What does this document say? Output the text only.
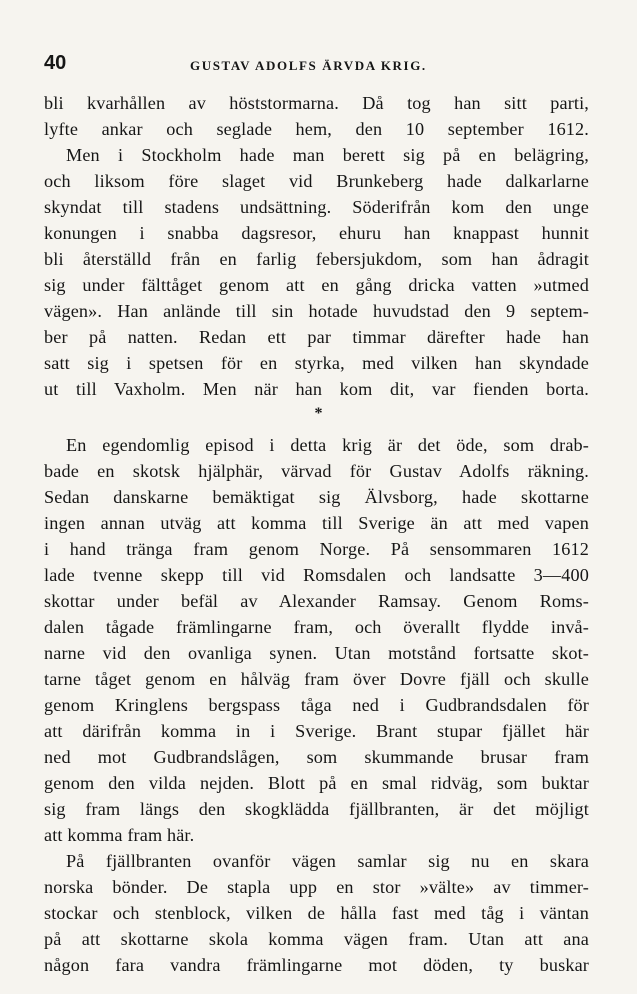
40	GUSTAV ADOLFS ÄRVDA KRIG.
bli kvarhållen av höststormarna. Då tog han sitt parti,
lyfte ankar och seglade hem, den 10 september 1612.
Men i Stockholm hade man berett sig på en belägring,
och liksom före slaget vid Brunkeberg hade dalkarlarne
skyndat till stadens undsättning. Söderifrån kom den unge
konungen i snabba dagsresor, ehuru han knappast hunnit
bli återställd från en farlig febersjukdom, som han ådragit
sig under fälttåget genom att en gång dricka vatten »utmed
vägen». Han anlände till sin hotade huvudstad den 9 septem-
ber på natten. Redan ett par timmar därefter hade han
satt sig i spetsen för en styrka, med vilken han skyndade
ut till Vaxholm. Men när han kom dit, var fienden borta.
*
En egendomlig episod i detta krig är det öde, som drab-
bade en skotsk hjälphär, värvad för Gustav Adolfs räkning.
Sedan danskarne bemäktigat sig Älvsborg, hade skottarne
ingen annan utväg att komma till Sverige än att med vapen
i hand tränga fram genom Norge. På sensommaren 1612
lade tvenne skepp till vid Romsdalen och landsatte 3—400
skottar under befäl av Alexander Ramsay. Genom Roms-
dalen tågade främlingarne fram, och överallt flydde invå-
narne vid den ovanliga synen. Utan motstånd fortsatte skot-
tarne tåget genom en hålväg fram över Dovre fjäll och skulle
genom Kringlens bergspass tåga ned i Gudbrandsdalen för
att därifrån komma in i Sverige. Brant stupar fjället här
ned mot Gudbrandslågen, som skummande brusar fram
genom den vilda nejden. Blott på en smal ridväg, som buktar
sig fram längs den skogklädda fjällbranten, är det möjligt
att komma fram här.
På fjällbranten ovanför vägen samlar sig nu en skara
norska bönder. De stapla upp en stor »välte» av timmer-
stockar och stenblock, vilken de hålla fast med tåg i väntan
på att skottarne skola komma vägen fram. Utan att ana
någon fara vandra främlingarne mot döden, ty buskar
